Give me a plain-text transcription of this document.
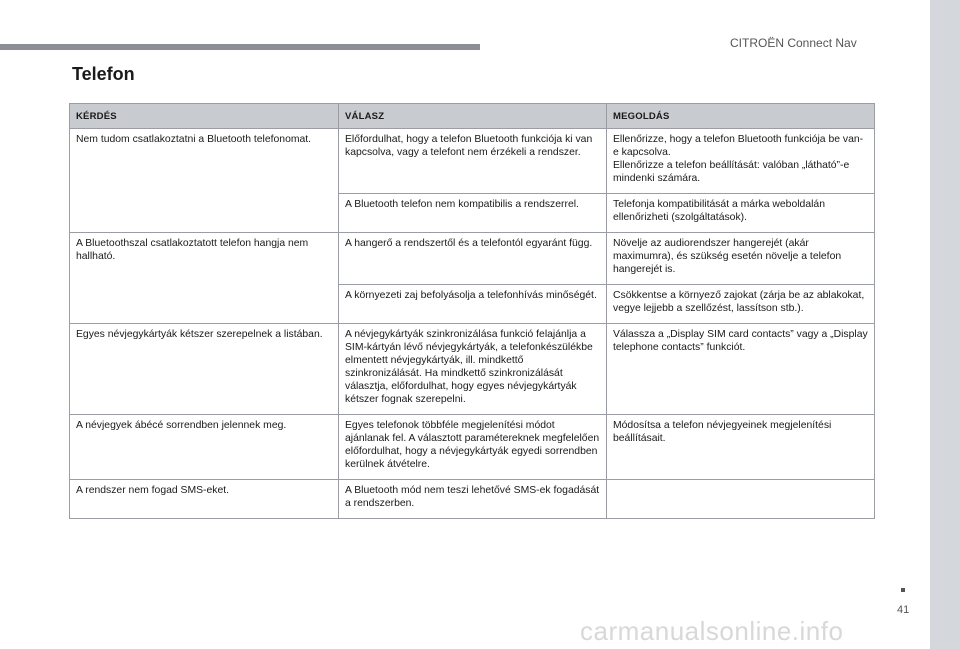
CITROËN Connect Nav
Telefon
KÉRDÉS	VÁLASZ	MEGOLDÁS
Nem tudom csatlakoztatni a Bluetooth telefonomat.	Előfordulhat, hogy a telefon Bluetooth funkciója ki van kapcsolva, vagy a telefont nem érzékeli a rendszer.	Ellenőrizze, hogy a telefon Bluetooth funkciója be van-e kapcsolva.
Ellenőrizze a telefon beállítását: valóban „látható”-e mindenki számára.
	A Bluetooth telefon nem kompatibilis a rendszerrel.	Telefonja kompatibilitását a márka weboldalán ellenőrizheti (szolgáltatások).
A Bluetoothszal csatlakoztatott telefon hangja nem hallható.	A hangerő a rendszertől és a telefontól egyaránt függ.	Növelje az audiorendszer hangerejét (akár maximumra), és szükség esetén növelje a telefon hangerejét is.
	A környezeti zaj befolyásolja a telefonhívás minőségét.	Csökkentse a környező zajokat (zárja be az ablakokat, vegye lejjebb a szellőzést, lassítson stb.).
Egyes névjegykártyák kétszer szerepelnek a listában.	A névjegykártyák szinkronizálása funkció felajánlja a SIM-kártyán lévő névjegykártyák, a telefonkészülékbe elmentett névjegykártyák, ill. mindkettő szinkronizálását. Ha mindkettő szinkronizálását választja, előfordulhat, hogy egyes névjegykártyák kétszer fognak szerepelni.	Válassza a „Display SIM card contacts” vagy a „Display telephone contacts” funkciót.
A névjegyek ábécé sorrendben jelennek meg.	Egyes telefonok többféle megjelenítési módot ajánlanak fel. A választott paramétereknek megfelelően előfordulhat, hogy a névjegykártyák egyedi sorrendben kerülnek átvételre.	Módosítsa a telefon névjegyeinek megjelenítési beállításait.
A rendszer nem fogad SMS-eket.	A Bluetooth mód nem teszi lehetővé SMS-ek fogadását a rendszerben.	
41
carmanualsonline.info
